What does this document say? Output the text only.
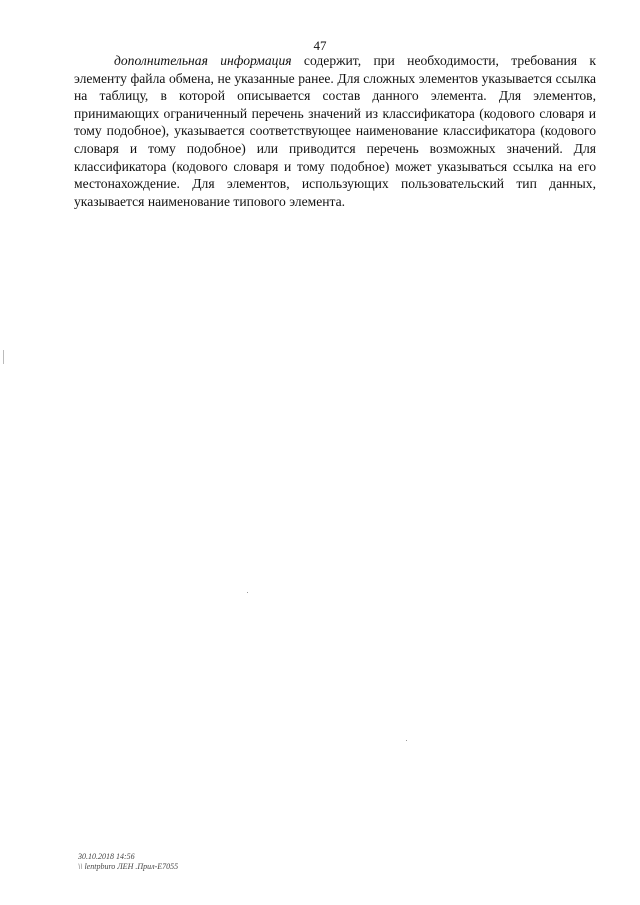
47

дополнительная информация содержит, при необходимости, требования к элементу файла обмена, не указанные ранее. Для сложных элементов указывается ссылка на таблицу, в которой описывается состав данного элемента. Для элементов, принимающих ограниченный перечень значений из классификатора (кодового словаря и тому подобное), указывается соответствующее наименование классификатора (кодового словаря и тому подобное) или приводится перечень возможных значений. Для классификатора (кодового словаря и тому подобное) может указываться ссылка на его местонахождение. Для элементов, использующих пользовательский тип данных, указывается наименование типового элемента.

30.10.2018 14:56
\\ lentpburo ЛЕН .Прил-Е7055
